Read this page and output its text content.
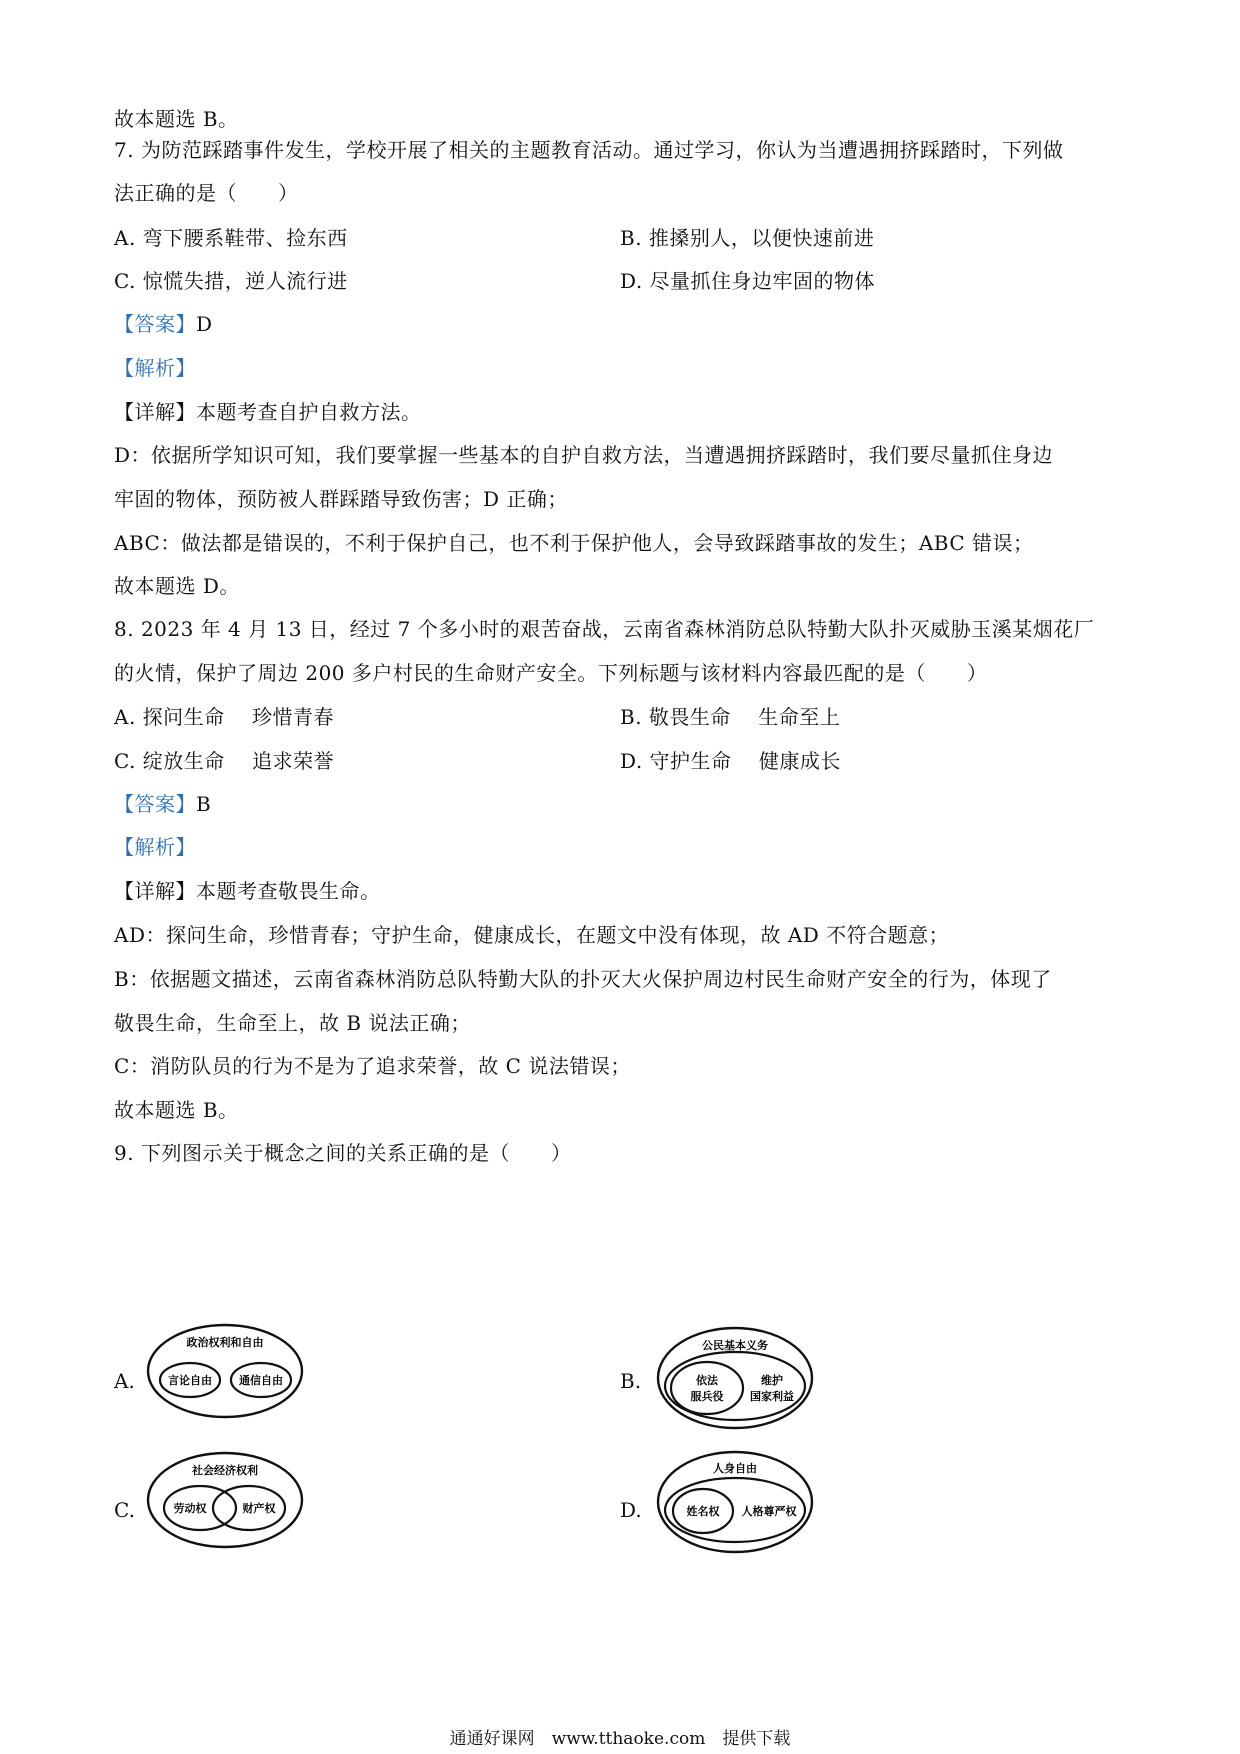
故本题选 B。
7. 为防范踩踏事件发生，学校开展了相关的主题教育活动。通过学习，你认为当遭遇拥挤踩踏时，下列做
法正确的是（　　）
A. 弯下腰系鞋带、捡东西	B. 推搡别人，以便快速前进
C. 惊慌失措，逆人流行进	D. 尽量抓住身边牢固的物体
【答案】D
【解析】
【详解】本题考查自护自救方法。
D：依据所学知识可知，我们要掌握一些基本的自护自救方法，当遭遇拥挤踩踏时，我们要尽量抓住身边
牢固的物体，预防被人群踩踏导致伤害；D 正确；
ABC：做法都是错误的，不利于保护自己，也不利于保护他人，会导致踩踏事故的发生；ABC 错误；
故本题选 D。
8. 2023 年 4 月 13 日，经过 7 个多小时的艰苦奋战，云南省森林消防总队特勤大队扑灭威胁玉溪某烟花厂
的火情，保护了周边 200 多户村民的生命财产安全。下列标题与该材料内容最匹配的是（　　）
A. 探问生命　 珍惜青春	B. 敬畏生命　 生命至上
C. 绽放生命　 追求荣誉	D. 守护生命　 健康成长
【答案】B
【解析】
【详解】本题考查敬畏生命。
AD：探问生命，珍惜青春；守护生命，健康成长，在题文中没有体现，故 AD 不符合题意；
B：依据题文描述，云南省森林消防总队特勤大队的扑灭大火保护周边村民生命财产安全的行为，体现了
敬畏生命，生命至上，故 B 说法正确；
C：消防队员的行为不是为了追求荣誉，故 C 说法错误；
故本题选 B。
9. 下列图示关于概念之间的关系正确的是（　　）
A.	B.
C.	D.
政治权利和自由
言论自由 通信自由
公民基本义务
依法
服兵役
维护
国家利益
社会经济权利
劳动权	财产权
人身自由
姓名权 人格尊严权
通通好课网　www.tthaoke.com　提供下载
